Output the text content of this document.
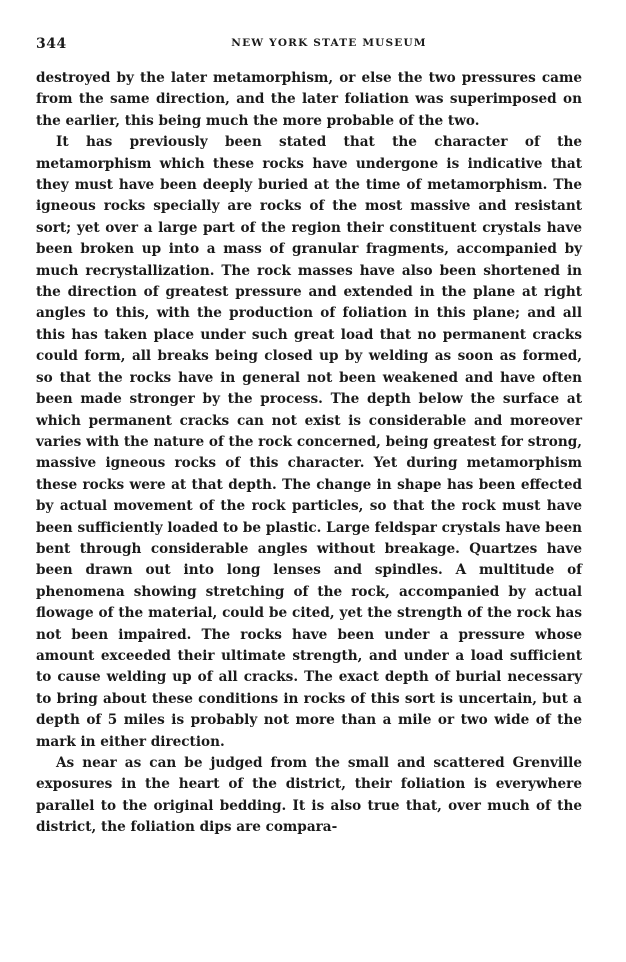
344	NEW YORK STATE MUSEUM

destroyed by the later metamorphism, or else the two pressures came from the same direction, and the later foliation was superimposed on the earlier, this being much the more probable of the two.

It has previously been stated that the character of the metamorphism which these rocks have undergone is indicative that they must have been deeply buried at the time of metamorphism. The igneous rocks specially are rocks of the most massive and resistant sort; yet over a large part of the region their constituent crystals have been broken up into a mass of granular fragments, accompanied by much recrystallization. The rock masses have also been shortened in the direction of greatest pressure and extended in the plane at right angles to this, with the production of foliation in this plane; and all this has taken place under such great load that no permanent cracks could form, all breaks being closed up by welding as soon as formed, so that the rocks have in general not been weakened and have often been made stronger by the process. The depth below the surface at which permanent cracks can not exist is considerable and moreover varies with the nature of the rock concerned, being greatest for strong, massive igneous rocks of this character. Yet during metamorphism these rocks were at that depth. The change in shape has been effected by actual movement of the rock particles, so that the rock must have been sufficiently loaded to be plastic. Large feldspar crystals have been bent through considerable angles without breakage. Quartzes have been drawn out into long lenses and spindles. A multitude of phenomena showing stretching of the rock, accompanied by actual flowage of the material, could be cited, yet the strength of the rock has not been impaired. The rocks have been under a pressure whose amount exceeded their ultimate strength, and under a load sufficient to cause welding up of all cracks. The exact depth of burial necessary to bring about these conditions in rocks of this sort is uncertain, but a depth of 5 miles is probably not more than a mile or two wide of the mark in either direction.

As near as can be judged from the small and scattered Grenville exposures in the heart of the district, their foliation is everywhere parallel to the original bedding. It is also true that, over much of the district, the foliation dips are compara-
